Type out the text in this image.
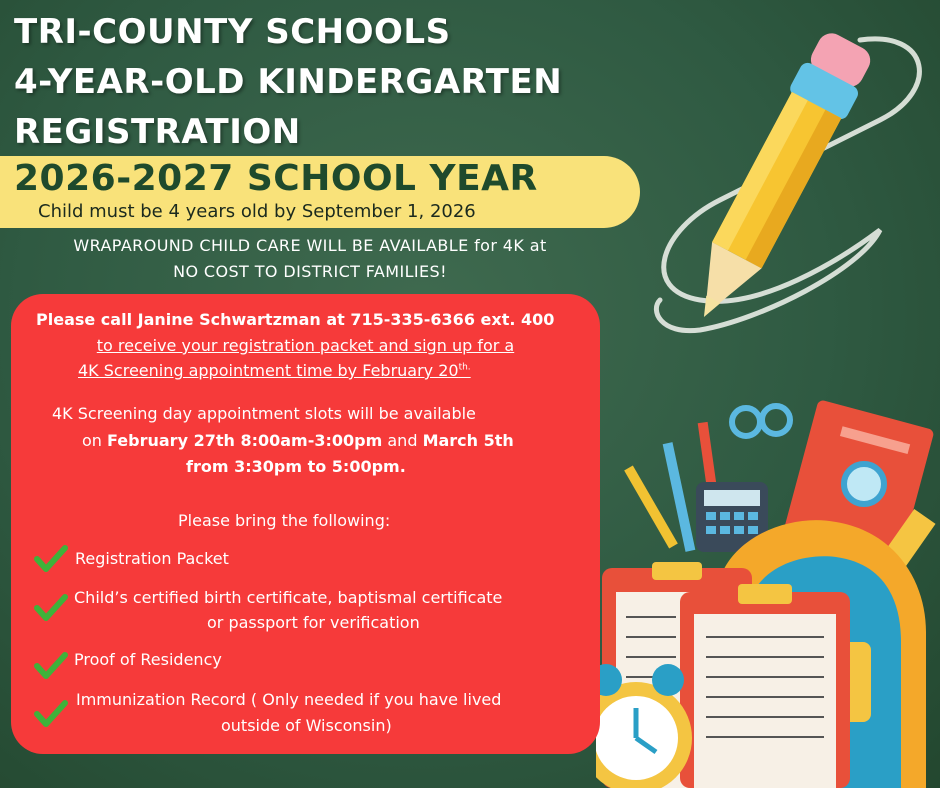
TRI-COUNTY SCHOOLS
4-YEAR-OLD KINDERGARTEN
REGISTRATION
2026-2027 SCHOOL YEAR
Child must be 4 years old by September 1, 2026
WRAPAROUND CHILD CARE WILL BE AVAILABLE for 4K at
NO COST TO DISTRICT FAMILIES!
Please call Janine Schwartzman at 715-335-6366 ext. 400
to receive your registration packet and sign up for a
4K Screening appointment time by February $20^{th.}$
4K Screening day appointment slots will be available
on February 27th 8:00am-3:00pm and March 5th
from 3:30pm to 5:00pm.
Please bring the following:
Registration Packet
Child’s certified birth certificate, baptismal certificate
or passport for verification
Proof of Residency
Immunization Record ( Only needed if you have lived
outside of Wisconsin)
